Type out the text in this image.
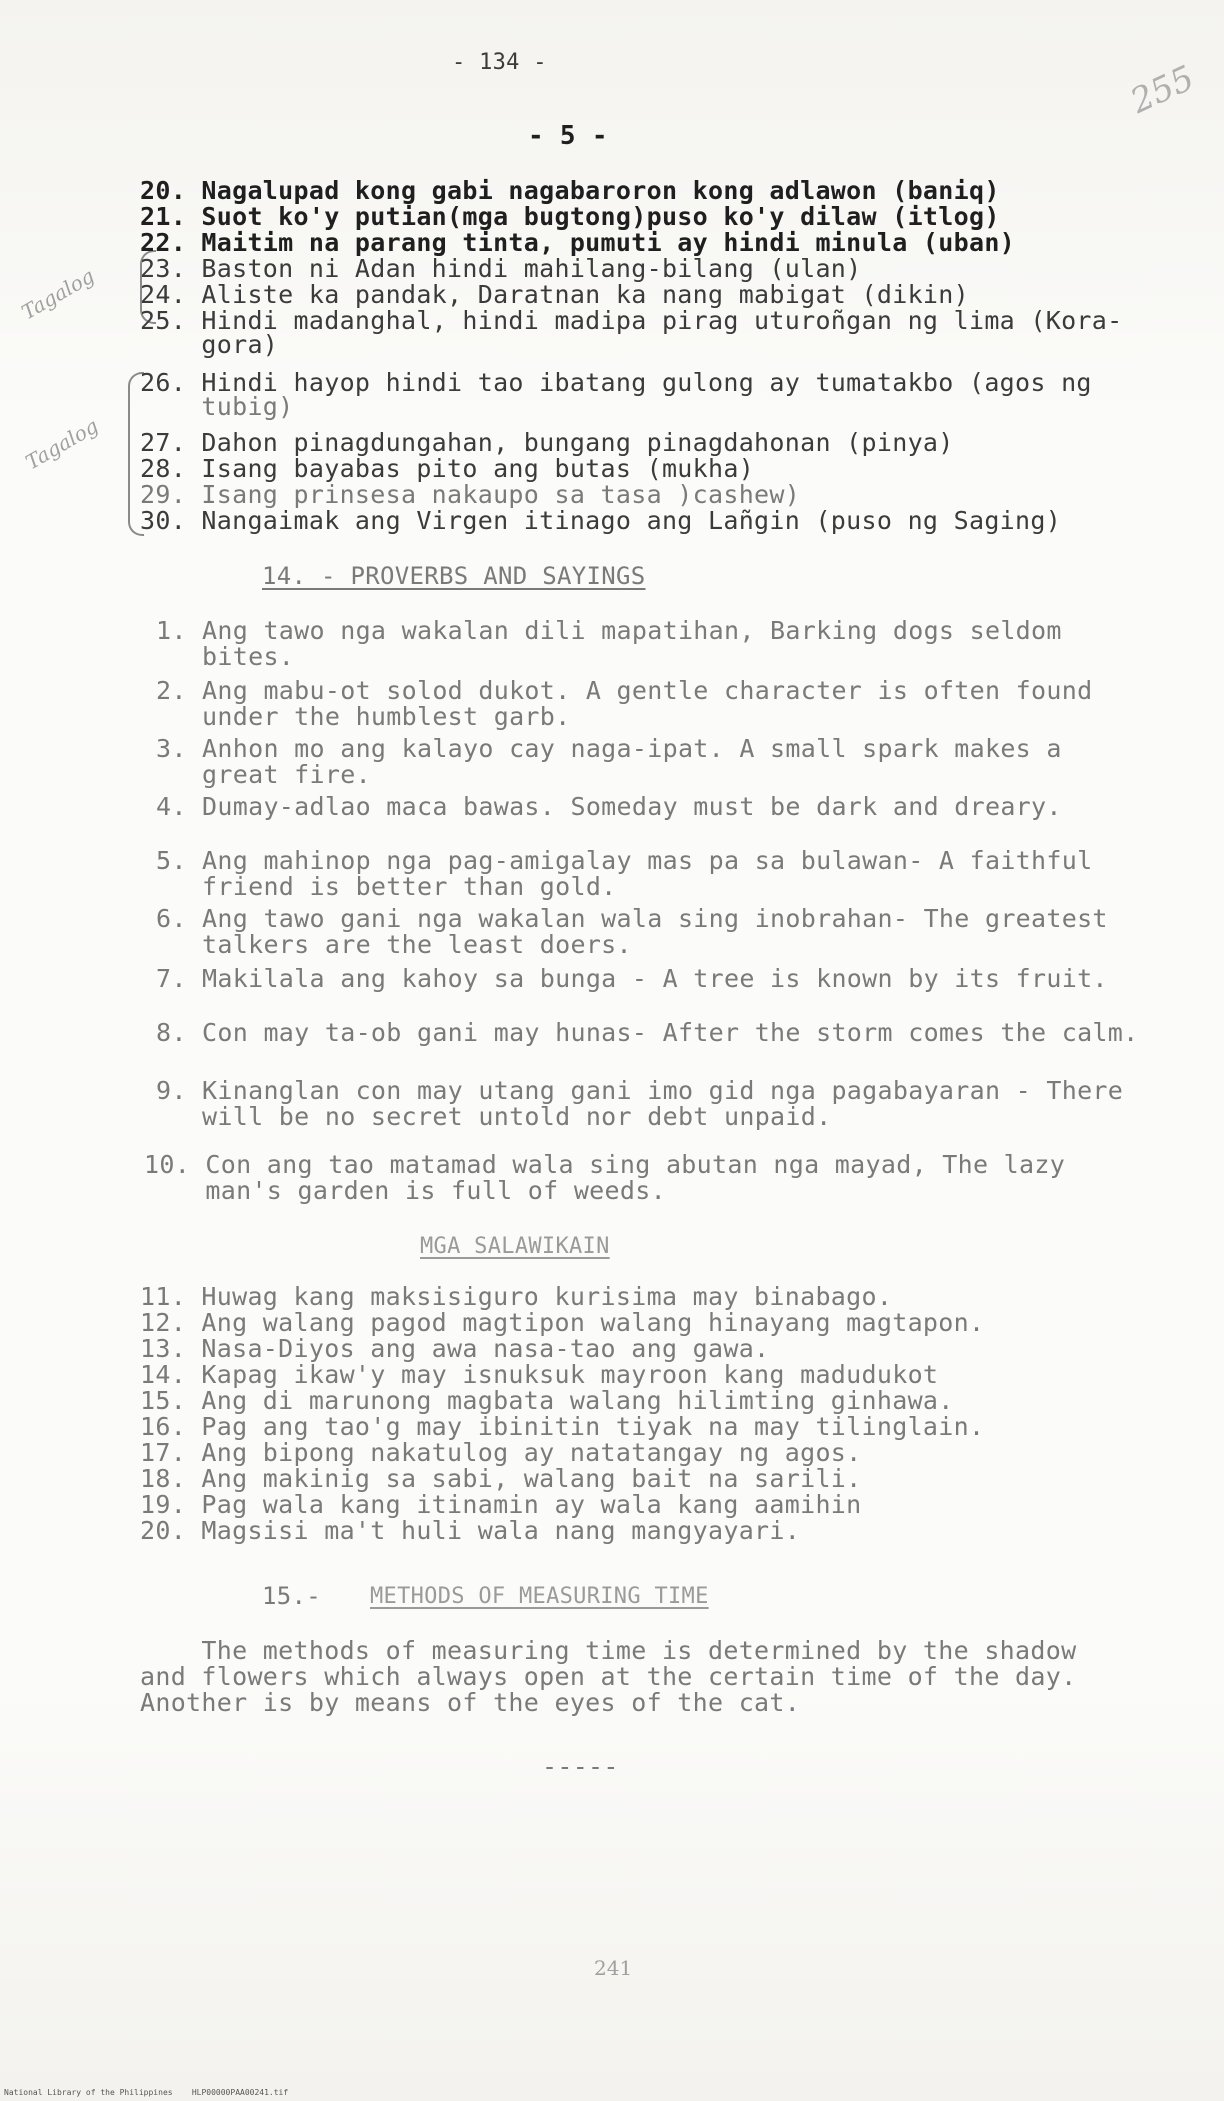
- 134 -	255
- 5 -
Tagalog
Tagalog
20. Nagalupad kong gabi nagabaroron kong adlawon (baniq)
21. Suot ko'y putian(mga bugtong)puso ko'y dilaw (itlog)
22. Maitim na parang tinta, pumuti ay hindi minula (uban)
23. Baston ni Adan hindi mahilang-bilang (ulan)
24. Aliste ka pandak, Daratnan ka nang mabigat (dikin)
25. Hindi madanghal, hindi madipa pirag uturoñgan ng lima (Kora-
gora)
26. Hindi hayop hindi tao ibatang gulong ay tumatakbo (agos ng
tubig)
27. Dahon pinagdungahan, bungang pinagdahonan (pinya)
28. Isang bayabas pito ang butas (mukha)
29. Isang prinsesa nakaupo sa tasa )cashew)
30. Nangaimak ang Virgen itinago ang Lañgin (puso ng Saging)
14. - PROVERBS AND SAYINGS
1. Ang tawo nga wakalan dili mapatihan, Barking dogs seldom
bites.
2. Ang mabu-ot solod dukot. A gentle character is often found
under the humblest garb.
3. Anhon mo ang kalayo cay naga-ipat. A small spark makes a
great fire.
4. Dumay-adlao maca bawas. Someday must be dark and dreary.
5. Ang mahinop nga pag-amigalay mas pa sa bulawan- A faithful
friend is better than gold.
6. Ang tawo gani nga wakalan wala sing inobrahan- The greatest
talkers are the least doers.
7. Makilala ang kahoy sa bunga - A tree is known by its fruit.
8. Con may ta-ob gani may hunas- After the storm comes the calm.
9. Kinanglan con may utang gani imo gid nga pagabayaran - There
will be no secret untold nor debt unpaid.
10. Con ang tao matamad wala sing abutan nga mayad, The lazy
man's garden is full of weeds.
MGA SALAWIKAIN
11. Huwag kang maksisiguro kurisima may binabago.
12. Ang walang pagod magtipon walang hinayang magtapon.
13. Nasa-Diyos ang awa nasa-tao ang gawa.
14. Kapag ikaw'y may isnuksuk mayroon kang madudukot
15. Ang di marunong magbata walang hilimting ginhawa.
16. Pag ang tao'g may ibinitin tiyak na may tilinglain.
17. Ang bipong nakatulog ay natatangay ng agos.
18. Ang makinig sa sabi, walang bait na sarili.
19. Pag wala kang itinamin ay wala kang aamihin
20. Magsisi ma't huli wala nang mangyayari.
15.- METHODS OF MEASURING TIME
The methods of measuring time is determined by the shadow
and flowers which always open at the certain time of the day.
Another is by means of the eyes of the cat.
-----
241
National Library of the Philippines    HLP00000PAA00241.tif
